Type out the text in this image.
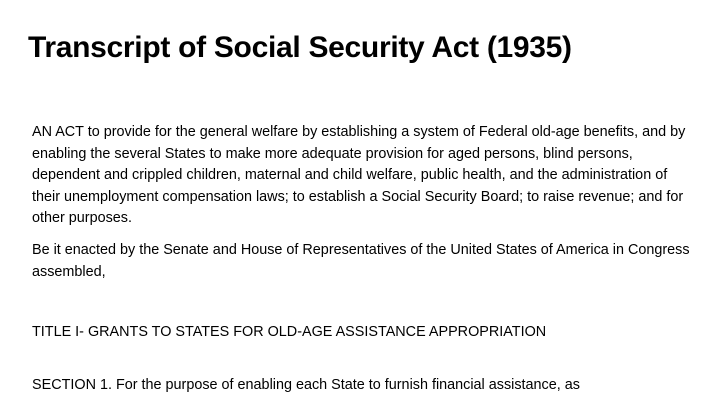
Transcript of Social Security Act (1935)

AN ACT to provide for the general welfare by establishing a system of Federal old-age benefits, and by enabling the several States to make more adequate provision for aged persons, blind persons, dependent and crippled children, maternal and child welfare, public health, and the administration of their unemployment compensation laws; to establish a Social Security Board; to raise revenue; and for other purposes.

Be it enacted by the Senate and House of Representatives of the United States of America in Congress assembled,

TITLE I- GRANTS TO STATES FOR OLD-AGE ASSISTANCE APPROPRIATION

SECTION 1. For the purpose of enabling each State to furnish financial assistance, as
